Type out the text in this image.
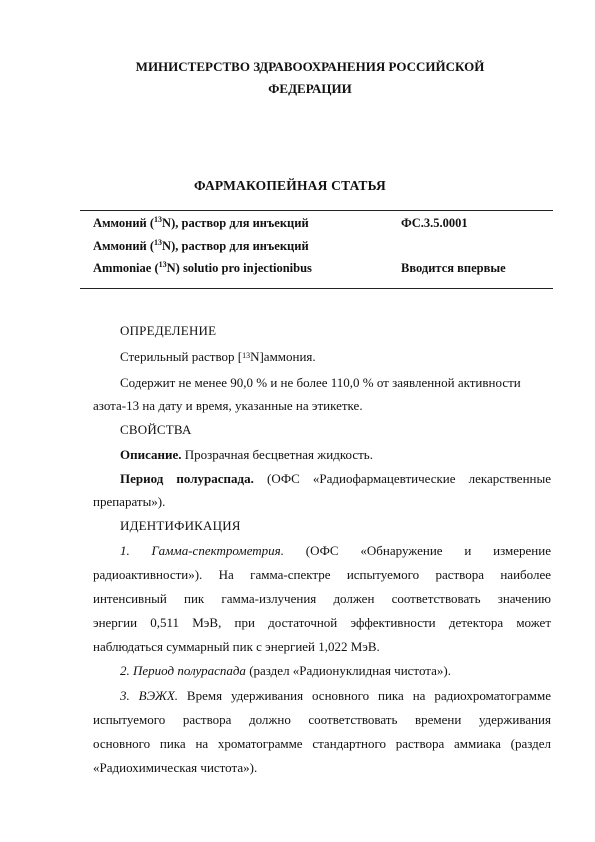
МИНИСТЕРСТВО ЗДРАВООХРАНЕНИЯ РОССИЙСКОЙ
ФЕДЕРАЦИИ
ФАРМАКОПЕЙНАЯ СТАТЬЯ
Аммоний ($^{13}$N), раствор для инъекций	ФС.3.5.0001
Аммоний ($^{13}$N), раствор для инъекций
Ammoniae ($^{13}$N) solutio pro injectionibus	Вводится впервые
ОПРЕДЕЛЕНИЕ
Стерильный раствор [$^{13}$N]аммония.
Содержит не менее 90,0 % и не более 110,0 % от заявленной активности
азота-13 на дату и время, указанные на этикетке.
СВОЙСТВА
Описание. Прозрачная бесцветная жидкость.
Период полураспада. (ОФС «Радиофармацевтические лекарственные
препараты»).
ИДЕНТИФИКАЦИЯ
1. Гамма-спектрометрия. (ОФС «Обнаружение и измерение
радиоактивности»). На гамма-спектре испытуемого раствора наиболее
интенсивный пик гамма-излучения должен соответствовать значению
энергии 0,511 МэВ, при достаточной эффективности детектора может
наблюдаться суммарный пик с энергией 1,022 МэВ.
2. Период полураспада (раздел «Радионуклидная чистота»).
3. ВЭЖХ. Время удерживания основного пика на радиохроматограмме
испытуемого раствора должно соответствовать времени удерживания
основного пика на хроматограмме стандартного раствора аммиака (раздел
«Радиохимическая чистота»).
